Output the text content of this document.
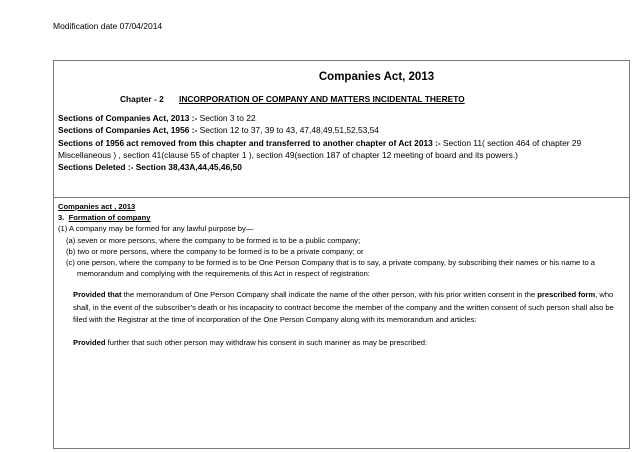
Modification date 07/04/2014
Companies Act, 2013
Chapter - 2 INCORPORATION OF COMPANY AND MATTERS INCIDENTAL THERETO
Sections of Companies Act, 2013 :- Section 3 to 22
Sections of Companies Act, 1956 :- Section 12 to 37, 39 to 43, 47,48,49,51,52,53,54
Sections of 1956 act removed from this chapter and transferred to another chapter of Act 2013 :- Section 11( section 464 of chapter 29 Miscellaneous ) , section 41(clause 55 of chapter 1 ), section 49(section 187 of chapter 12 meeting of board and its powers.)
Sections Deleted :- Section 38,43A,44,45,46,50
Companies act , 2013
3. Formation of company
(1) A company may be formed for any lawful purpose by—
(a) seven or more persons, where the company to be formed is to be a public company;
(b) two or more persons, where the company to be formed is to be a private company; or
(c) one person, where the company to be formed is to be One Person Company that is to say, a private company, by subscribing their names or his name to a memorandum and complying with the requirements of this Act in respect of registration:
Provided that the memorandum of One Person Company shall indicate the name of the other person, with his prior written consent in the prescribed form, who shall, in the event of the subscriber’s death or his incapacity to contract become the member of the company and the written consent of such person shall also be filed with the Registrar at the time of incorporation of the One Person Company along with its memorandum and articles:
Provided further that such other person may withdraw his consent in such manner as may be prescribed:
